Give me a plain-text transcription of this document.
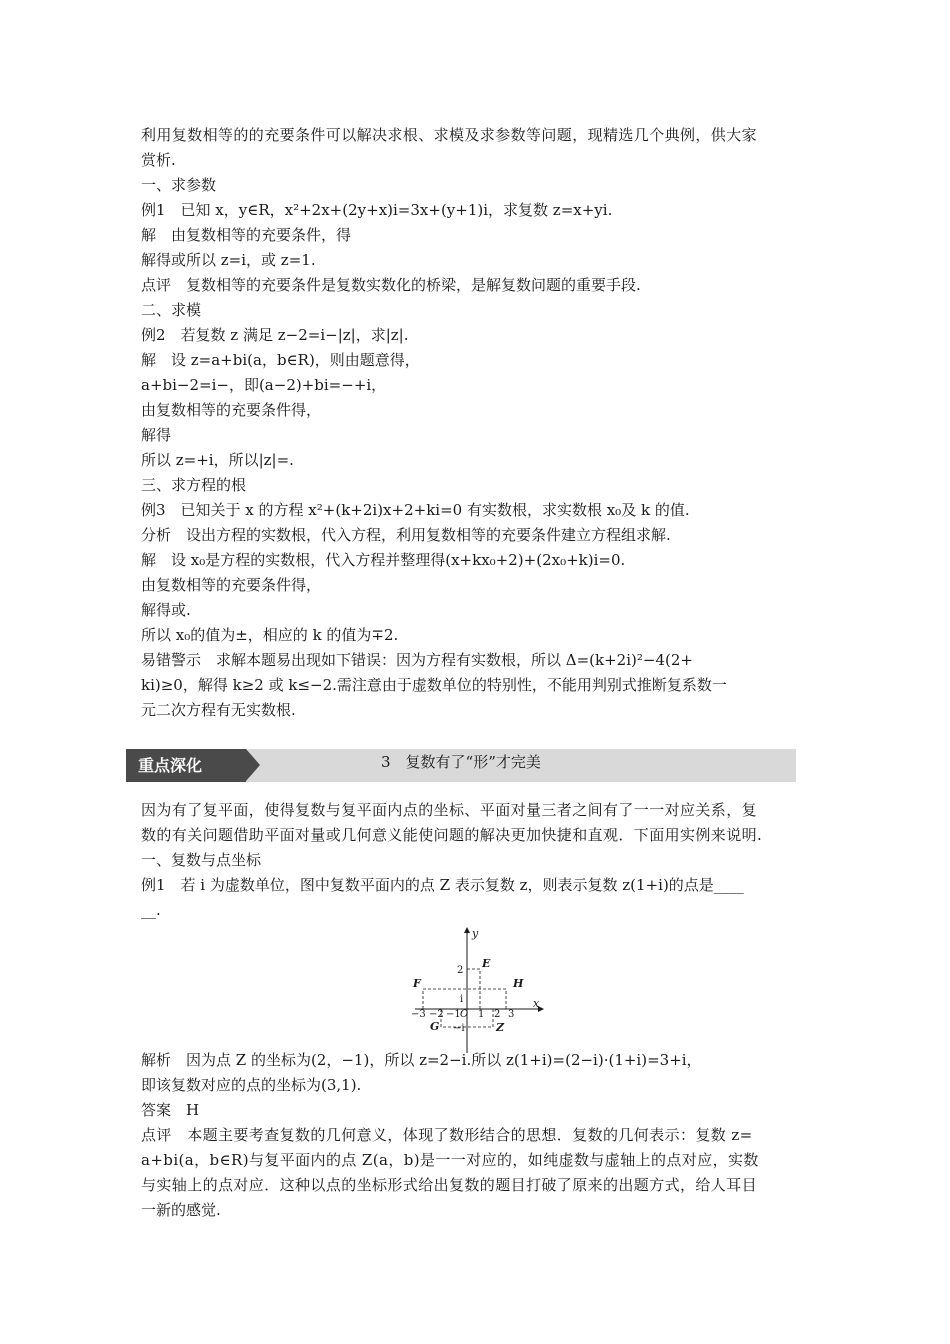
利用复数相等的的充要条件可以解决求根、求模及求参数等问题，现精选几个典例，供大家
赏析.
一、求参数
例1　已知 x，y∈R，x²+2x+(2y+x)i=3x+(y+1)i，求复数 z=x+yi.
解　由复数相等的充要条件，得
解得或所以 z=i，或 z=1.
点评　复数相等的充要条件是复数实数化的桥梁，是解复数问题的重要手段.
二、求模
例2　若复数 z 满足 z−2=i−|z|，求|z|.
解　设 z=a+bi(a，b∈R)，则由题意得，
a+bi−2=i−，即(a−2)+bi=−+i，
由复数相等的充要条件得，
解得
所以 z=+i，所以|z|=.
三、求方程的根
例3　已知关于 x 的方程 x²+(k+2i)x+2+ki=0 有实数根，求实数根 x₀及 k 的值.
分析　设出方程的实数根，代入方程，利用复数相等的充要条件建立方程组求解.
解　设 x₀是方程的实数根，代入方程并整理得(x+kx₀+2)+(2x₀+k)i=0.
由复数相等的充要条件得，
解得或.
所以 x₀的值为±，相应的 k 的值为∓2.
易错警示　求解本题易出现如下错误：因为方程有实数根，所以 Δ=(k+2i)²−4(2+
ki)≥0，解得 k≥2 或 k≤−2.需注意由于虚数单位的特别性，不能用判别式推断复系数一
元二次方程有无实数根.
重点深化	3　复数有了“形”才完美
因为有了复平面，使得复数与复平面内点的坐标、平面对量三者之间有了一一对应关系，复
数的有关问题借助平面对量或几何意义能使问题的解决更加快捷和直观．下面用实例来说明.
一、复数与点坐标
例1　若 i 为虚数单位，图中复数平面内的点 Z 表示复数 z，则表示复数 z(1+i)的点是____
__.
y
x
−3 −2 −1 O 1 2 3
2
i
−i
E
F	H
G	Z
解析　因为点 Z 的坐标为(2，−1)，所以 z=2−i.所以 z(1+i)=(2−i)·(1+i)=3+i，
即该复数对应的点的坐标为(3,1).
答案　H
点评　本题主要考查复数的几何意义，体现了数形结合的思想．复数的几何表示：复数 z=
a+bi(a，b∈R)与复平面内的点 Z(a，b)是一一对应的，如纯虚数与虚轴上的点对应，实数
与实轴上的点对应．这种以点的坐标形式给出复数的题目打破了原来的出题方式，给人耳目
一新的感觉.
